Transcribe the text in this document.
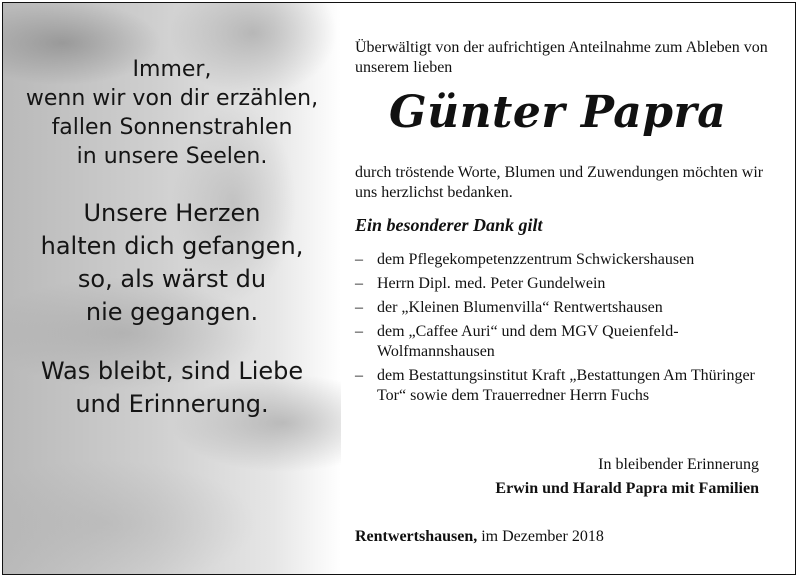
Immer,
wenn wir von dir erzählen,
fallen Sonnenstrahlen
in unsere Seelen.
Unsere Herzen
halten dich gefangen,
so, als wärst du
nie gegangen.
Was bleibt, sind Liebe
und Erinnerung.
Überwältigt von der aufrichtigen Anteilnahme zum Ableben von unserem lieben
Günter Papra
durch tröstende Worte, Blumen und Zuwendungen möchten wir uns herzlichst bedanken.
Ein besonderer Dank gilt
– dem Pflegekompetenzzentrum Schwickershausen
– Herrn Dipl. med. Peter Gundelwein
– der „Kleinen Blumenvilla“ Rentwertshausen
– dem „Caffee Auri“ und dem MGV Queienfeld-Wolfmannshausen
– dem Bestattungsinstitut Kraft „Bestattungen Am Thüringer Tor“ sowie dem Trauerredner Herrn Fuchs
In bleibender Erinnerung
Erwin und Harald Papra mit Familien
Rentwertshausen, im Dezember 2018
